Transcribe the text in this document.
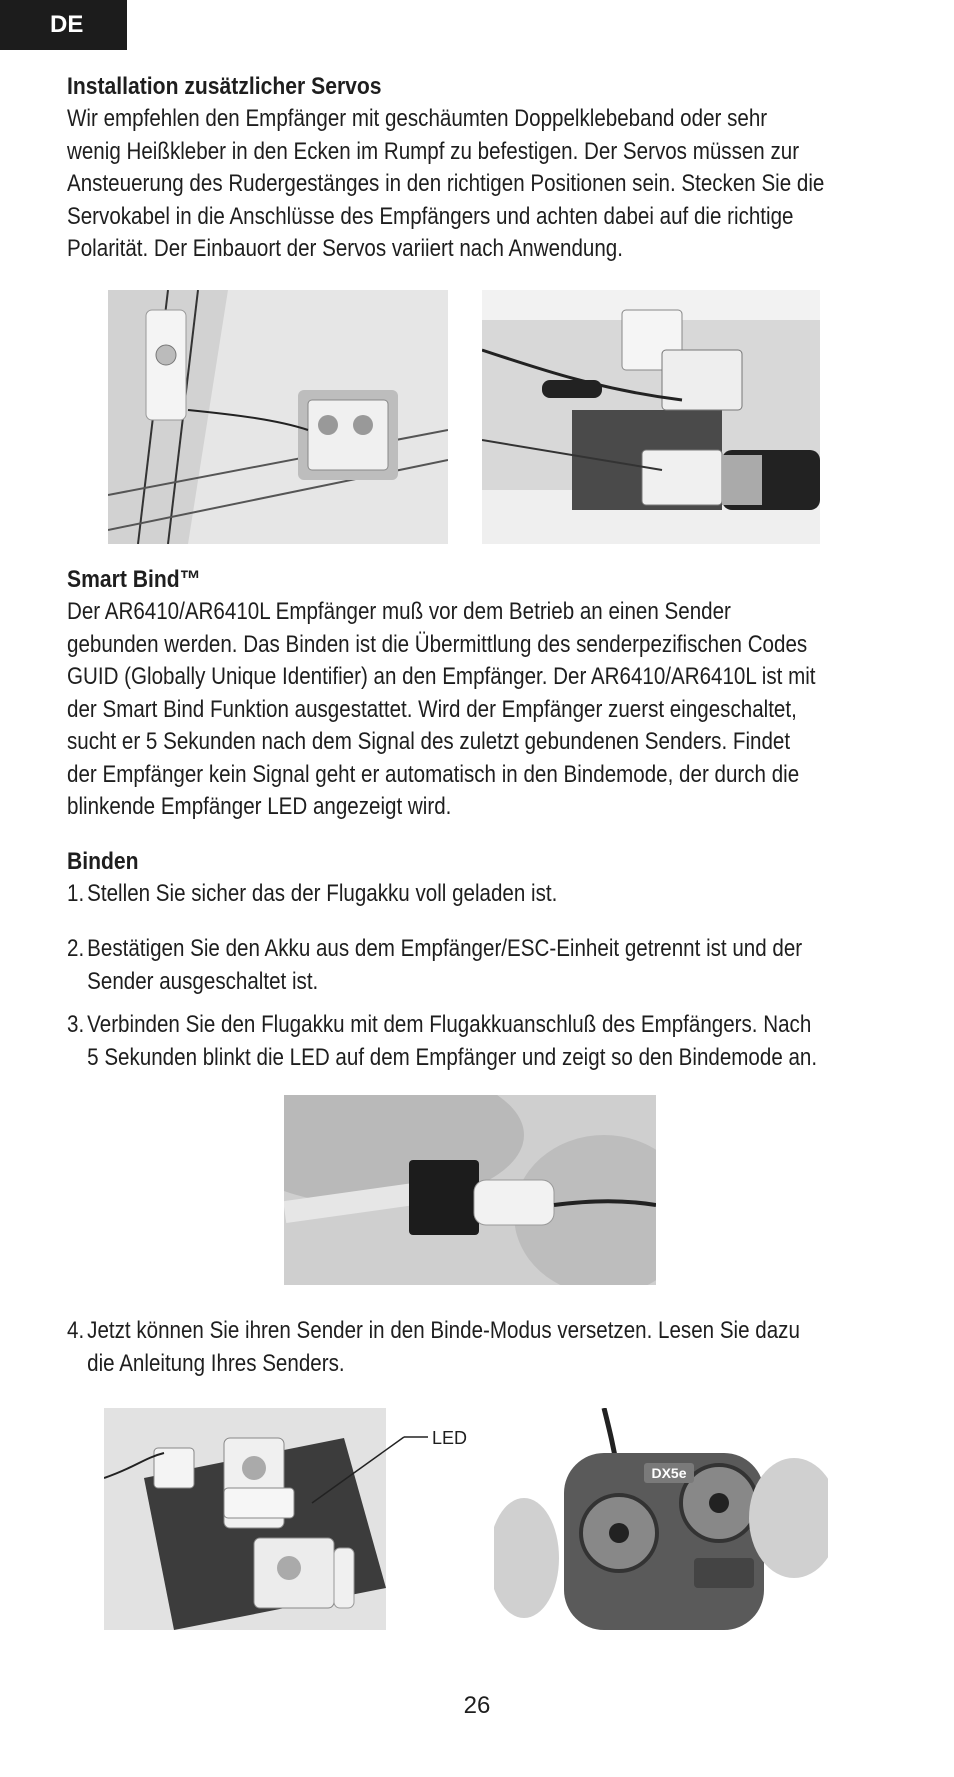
DE
Installation zusätzlicher Servos
Wir empfehlen den Empfänger mit geschäumten Doppelklebeband oder sehr
wenig Heißkleber in den Ecken im Rumpf zu befestigen. Der Servos müssen zur
Ansteuerung des Rudergestänges in den richtigen Positionen sein. Stecken Sie die
Servokabel in die Anschlüsse des Empfängers und achten dabei auf die richtige
Polarität. Der Einbauort der Servos variiert nach Anwendung.
Smart Bind™
Der AR6410/AR6410L Empfänger muß vor dem Betrieb an einen Sender
gebunden werden. Das Binden ist die Übermittlung des senderpezifischen Codes
GUID (Globally Unique Identifier) an den Empfänger. Der AR6410/AR6410L ist mit
der Smart Bind Funktion ausgestattet. Wird der Empfänger zuerst eingeschaltet,
sucht er 5 Sekunden nach dem Signal des zuletzt gebundenen Senders. Findet
der Empfänger kein Signal geht er automatisch in den Bindemode, der durch die
blinkende Empfänger LED angezeigt wird.
Binden
1. Stellen Sie sicher das der Flugakku voll geladen ist.
2. Bestätigen Sie den Akku aus dem Empfänger/ESC-Einheit getrennt ist und der
Sender ausgeschaltet ist.
3. Verbinden Sie den Flugakku mit dem Flugakkuanschluß des Empfängers. Nach
5 Sekunden blinkt die LED auf dem Empfänger und zeigt so den Bindemode an.
4. Jetzt können Sie ihren Sender in den Binde-Modus versetzen. Lesen Sie dazu
die Anleitung Ihres Senders.
LED
DX5e
26
